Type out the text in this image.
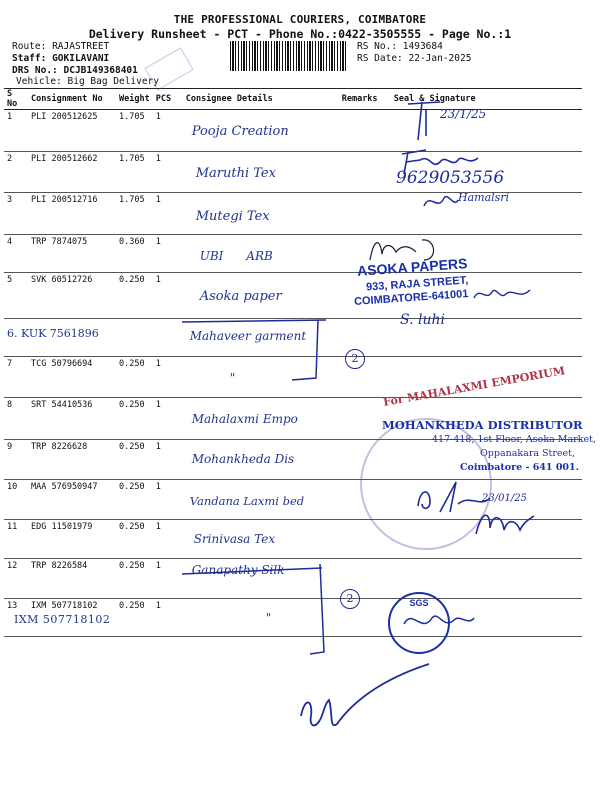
THE PROFESSIONAL COURIERS, COIMBATORE
Delivery Runsheet - PCT - Phone No.:0422-3505555 - Page No.:1
Route: RAJASTREET
Staff: GOKILAVANI
DRS No.: DCJB149368401
Vehicle: Big Bag Delivery
RS No.: 1493684
RS Date: 22-Jan-2025
S No	Consignment No	Weight	PCS	Consignee Details	Remarks	Seal & Signature
1	PLI 200512625	1.705	1	Pooja Creation		

2	PLI 200512662	1.705	1	Maruthi Tex		

3	PLI 200512716	1.705	1	Mutegi Tex		

4	TRP 7874075	0.360	1	UBI      ARB		

5	SVK 60512726	0.250	1	Asoka paper		

6. KUK 7561896				Mahaveer garment		

7	TCG 50796694	0.250	1	"		

8	SRT 54410536	0.250	1	Mahalaxmi Empo		

9	TRP 8226628	0.250	1	Mohankheda Dis		

10	MAA 576950947	0.250	1	Vandana Laxmi bed		

11	EDG 11501979	0.250	1	Srinivasa Tex		

12	TRP 8226584	0.250	1	Ganapathy Silk		

13	IXM 507718102	0.250	1	"		

IXM 507718102
23/1/25
9629053556
Hamalsri
S. luhi
2
2
ASOKA PAPERS
933, RAJA STREET,
COIMBATORE-641001
For MAHALAXMI EMPORIUM
MOHANKHEDA DISTRIBUTOR
417-418, 1st Floor, Asoka Market,
Oppanakara Street,
Coimbatore - 641 001.
23/01/25
SGS
